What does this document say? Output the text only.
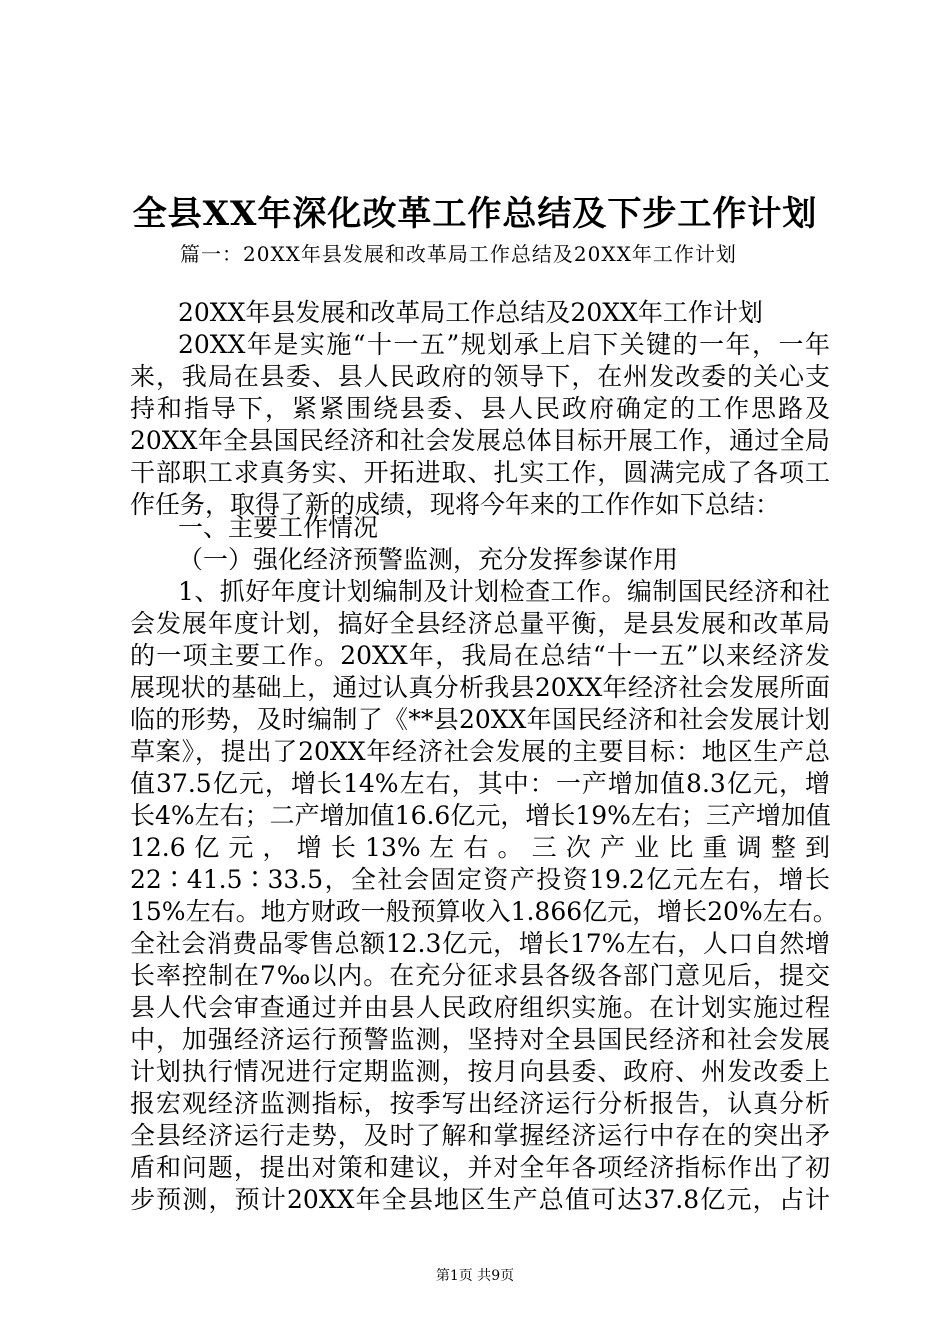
全县XX年深化改革工作总结及下步工作计划
篇一：20XX年县发展和改革局工作总结及20XX年工作计划
20XX年县发展和改革局工作总结及20XX年工作计划
20XX年是实施“十一五”规划承上启下关键的一年，一年
来，我局在县委、县人民政府的领导下，在州发改委的关心支
持和指导下，紧紧围绕县委、县人民政府确定的工作思路及
20XX年全县国民经济和社会发展总体目标开展工作，通过全局
干部职工求真务实、开拓进取、扎实工作，圆满完成了各项工
作任务，取得了新的成绩，现将今年来的工作作如下总结：
一、主要工作情况
（一）强化经济预警监测，充分发挥参谋作用
1、抓好年度计划编制及计划检查工作。编制国民经济和社
会发展年度计划，搞好全县经济总量平衡，是县发展和改革局
的一项主要工作。20XX年，我局在总结“十一五”以来经济发
展现状的基础上，通过认真分析我县20XX年经济社会发展所面
临的形势，及时编制了《**县20XX年国民经济和社会发展计划
草案》，提出了20XX年经济社会发展的主要目标：地区生产总
值37.5亿元，增长14%左右，其中：一产增加值8.3亿元，增
长4%左右；二产增加值16.6亿元，增长19%左右；三产增加值
12.6 亿 元 ， 增 长 13% 左 右 。 三 次 产 业 比 重 调 整 到
22∶41.5∶33.5，全社会固定资产投资19.2亿元左右，增长
15%左右。地方财政一般预算收入1.866亿元，增长20%左右。
全社会消费品零售总额12.3亿元，增长17%左右，人口自然增
长率控制在7‰以内。在充分征求县各级各部门意见后，提交
县人代会审查通过并由县人民政府组织实施。在计划实施过程
中，加强经济运行预警监测，坚持对全县国民经济和社会发展
计划执行情况进行定期监测，按月向县委、政府、州发改委上
报宏观经济监测指标，按季写出经济运行分析报告，认真分析
全县经济运行走势，及时了解和掌握经济运行中存在的突出矛
盾和问题，提出对策和建议，并对全年各项经济指标作出了初
步预测，预计20XX年全县地区生产总值可达37.8亿元，占计
第1页 共9页
